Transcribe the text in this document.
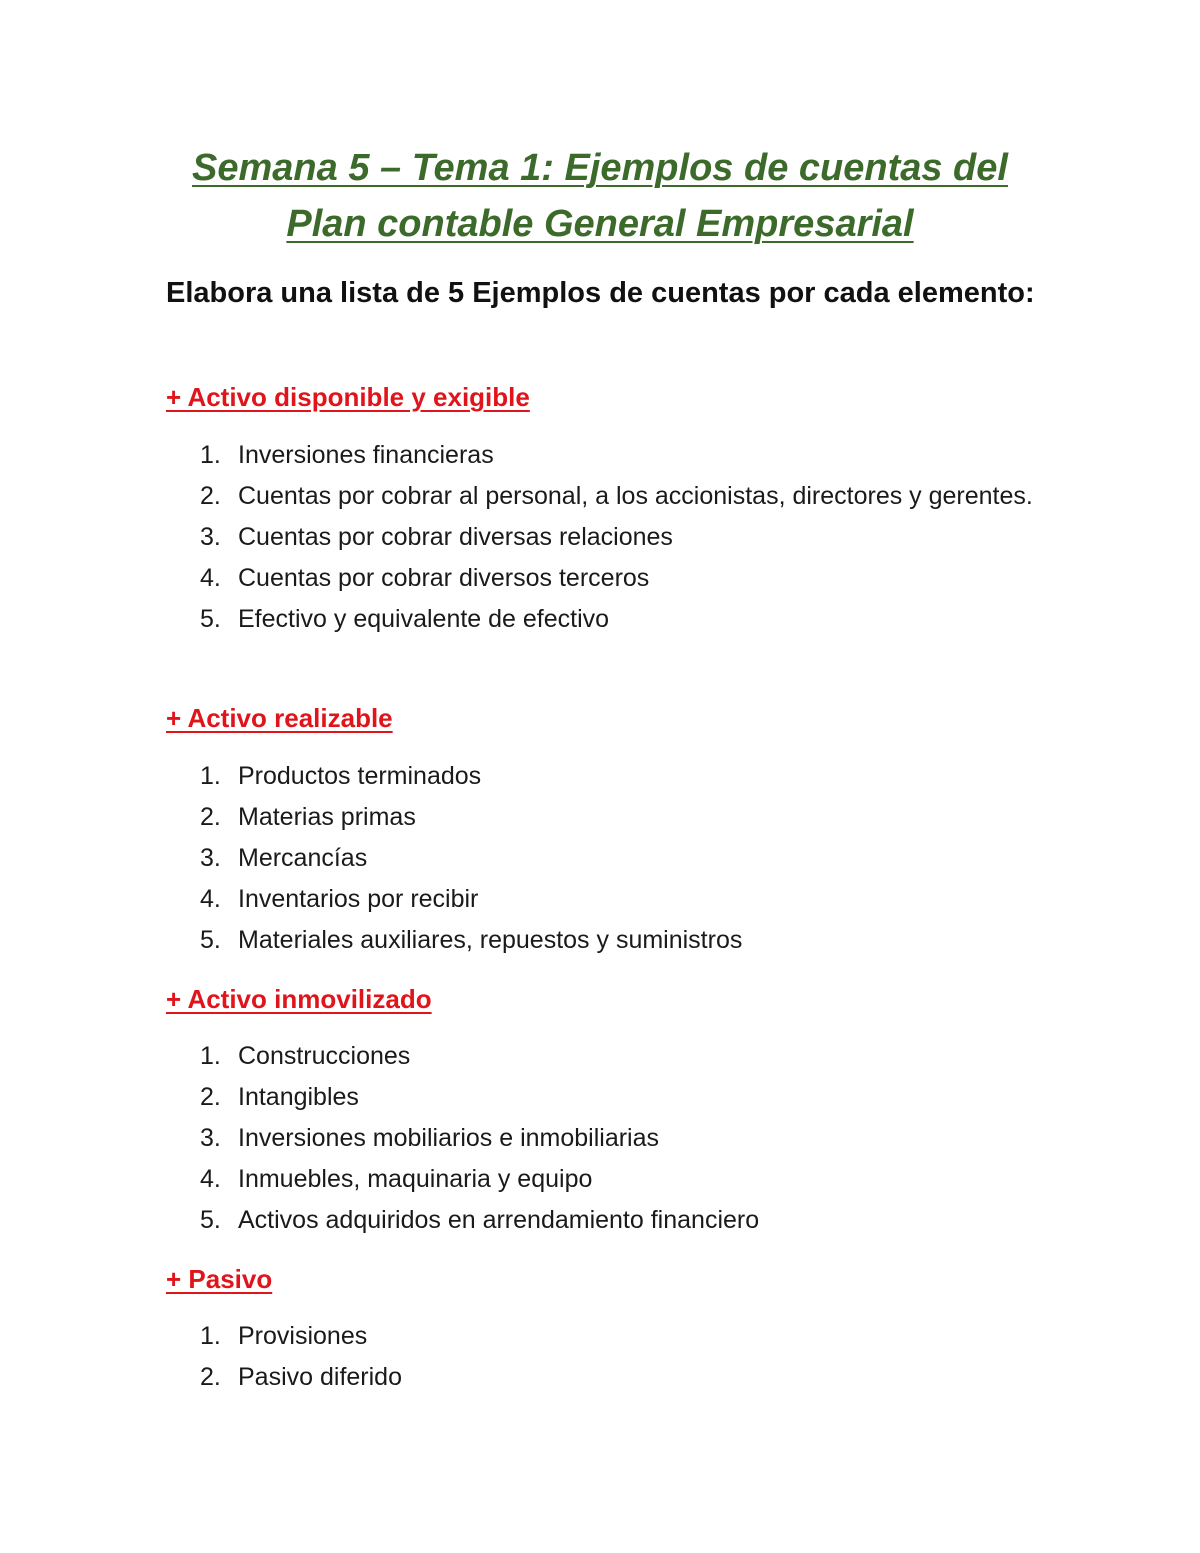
Semana 5 – Tema 1: Ejemplos de cuentas del
Plan contable General Empresarial

Elabora una lista de 5 Ejemplos de cuentas por cada elemento:

+ Activo disponible y exigible

1. Inversiones financieras
2. Cuentas por cobrar al personal, a los accionistas, directores y gerentes.
3. Cuentas por cobrar diversas relaciones
4. Cuentas por cobrar diversos terceros
5. Efectivo y equivalente de efectivo

+ Activo realizable

1. Productos terminados
2. Materias primas
3. Mercancías
4. Inventarios por recibir
5. Materiales auxiliares, repuestos y suministros

+ Activo inmovilizado

1. Construcciones
2. Intangibles
3. Inversiones mobiliarios e inmobiliarias
4. Inmuebles, maquinaria y equipo
5. Activos adquiridos en arrendamiento financiero

+ Pasivo

1. Provisiones
2. Pasivo diferido
